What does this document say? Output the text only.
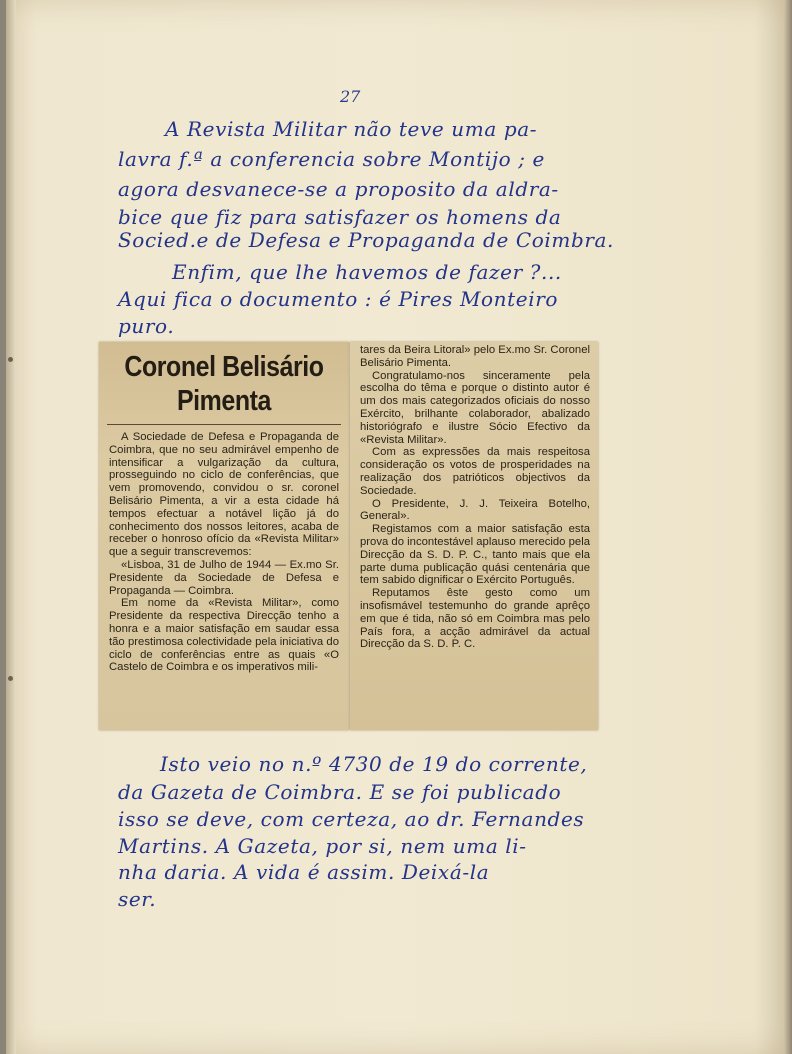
27
A Revista Militar não teve uma pa-
lavra f.ª a conferencia sobre Montijo ; e
agora desvanece-se a proposito da aldra-
bice que fiz para satisfazer os homens da
Socied.e de Defesa e Propaganda de Coimbra.
Enfim, que lhe havemos de fazer ?...
Aqui fica o documento : é Pires Monteiro
puro.
Coronel Belisário
Pimenta

A Sociedade de Defesa e Propaganda de Coimbra, que no seu admirável empenho de intensificar a vulgarização da cultura, prosseguindo no ciclo de conferências, que vem promovendo, convidou o sr. coronel Belisário Pimenta, a vir a esta cidade há tempos efectuar a notável lição já do conhecimento dos nossos leitores, acaba de receber o honroso ofício da «Revista Militar» que a seguir transcrevemos:

«Lisboa, 31 de Julho de 1944 — Ex.mo Sr. Presidente da Sociedade de Defesa e Propaganda — Coimbra.

Em nome da «Revista Militar», como Presidente da respectiva Direcção tenho a honra e a maior satisfação em saudar essa tão prestimosa colectividade pela iniciativa do ciclo de conferências entre as quais «O Castelo de Coimbra e os imperativos mili-

tares da Beira Litoral» pelo Ex.mo Sr. Coronel Belisário Pimenta.

Congratulamo-nos sinceramente pela escolha do têma e porque o distinto autor é um dos mais categorizados oficiais do nosso Exército, brilhante colaborador, abalizado historiógrafo e ilustre Sócio Efectivo da «Revista Militar».

Com as expressões da mais respeitosa consideração os votos de prosperidades na realização dos patrióticos objectivos da Sociedade.

O Presidente, J. J. Teixeira Botelho, General».

Registamos com a maior satisfação esta prova do incontestável aplauso merecido pela Direcção da S. D. P. C., tanto mais que ela parte duma publicação quási centenária que tem sabido dignificar o Exército Português.

Reputamos êste gesto como um insofismável testemunho do grande aprêço em que é tida, não só em Coimbra mas pelo País fora, a acção admirável da actual Direcção da S. D. P. C.

Isto veio no n.º 4730 de 19 do corrente,
da Gazeta de Coimbra. E se foi publicado
isso se deve, com certeza, ao dr. Fernandes
Martins. A Gazeta, por si, nem uma li-
nha daria. A vida é assim. Deixá-la
ser.
